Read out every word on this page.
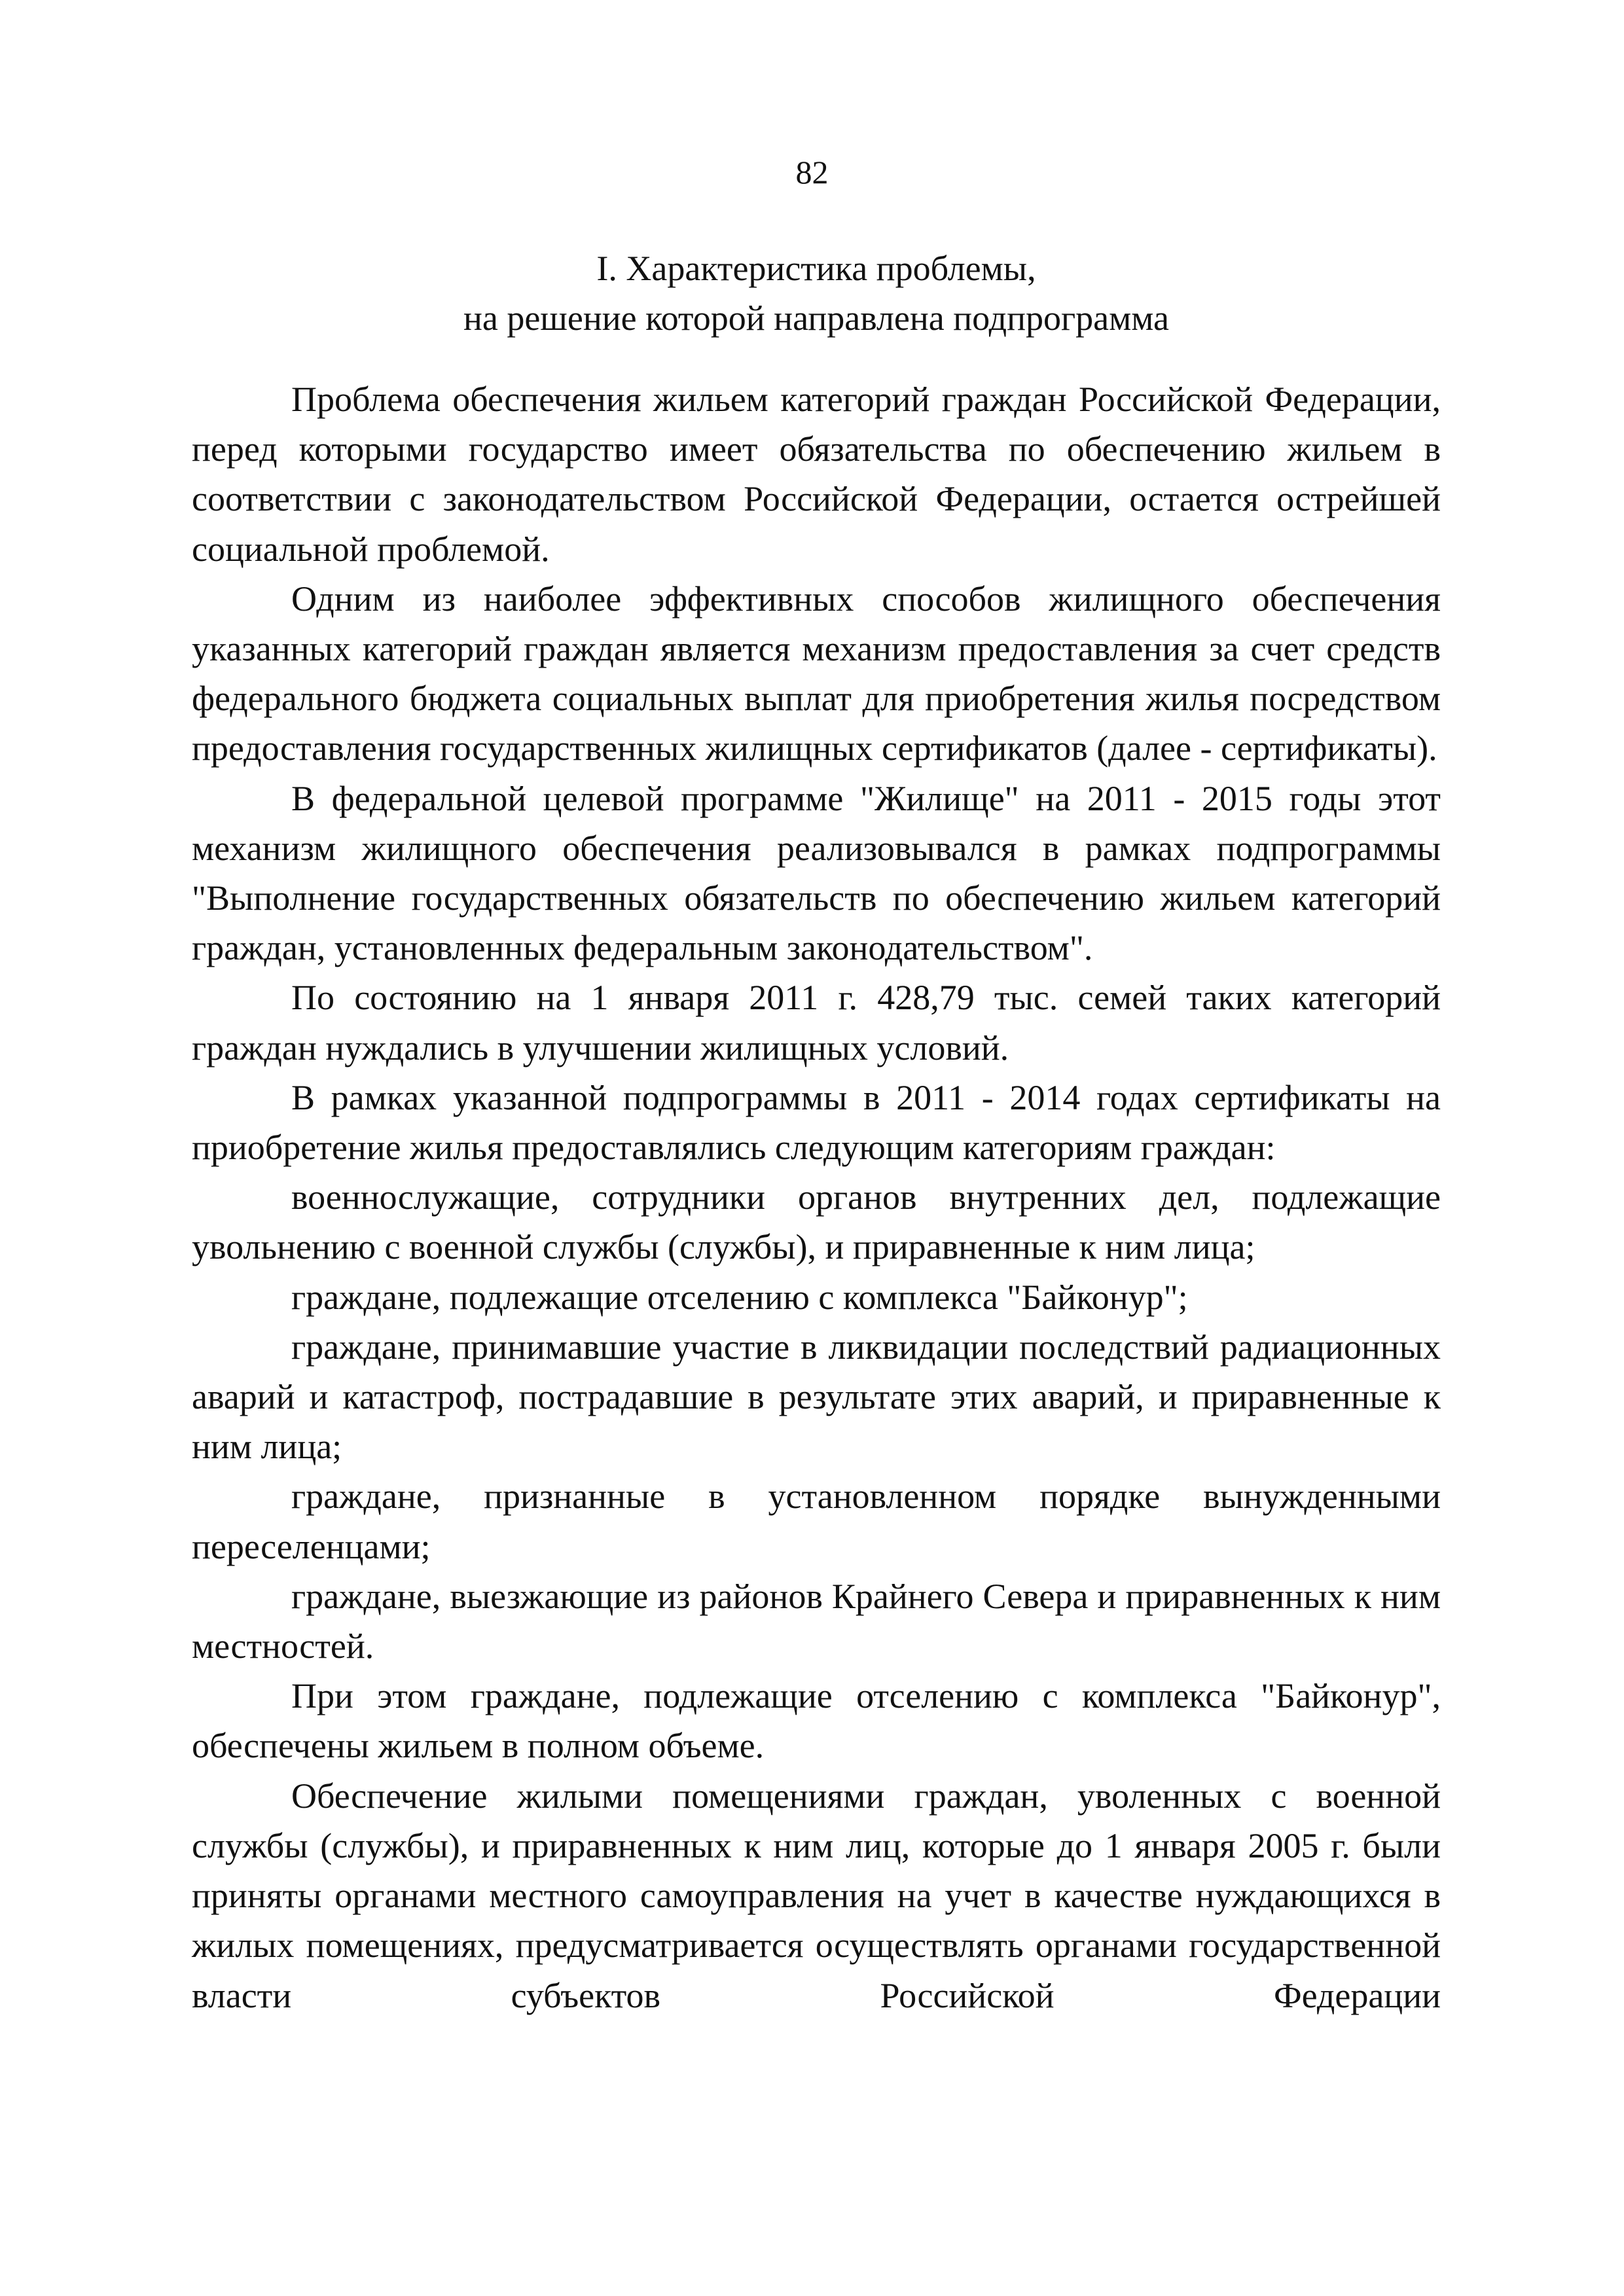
82
I. Характеристика проблемы,
на решение которой направлена подпрограмма

Проблема обеспечения жильем категорий граждан Российской Федерации, перед которыми государство имеет обязательства по обеспечению жильем в соответствии с законодательством Российской Федерации, остается острейшей социальной проблемой.

Одним из наиболее эффективных способов жилищного обеспечения указанных категорий граждан является механизм предоставления за счет средств федерального бюджета социальных выплат для приобретения жилья посредством предоставления государственных жилищных сертификатов (далее - сертификаты).

В федеральной целевой программе "Жилище" на 2011 - 2015 годы этот механизм жилищного обеспечения реализовывался в рамках подпрограммы "Выполнение государственных обязательств по обеспечению жильем категорий граждан, установленных федеральным законодательством".

По состоянию на 1 января 2011 г. 428,79 тыс. семей таких категорий граждан нуждались в улучшении жилищных условий.

В рамках указанной подпрограммы в 2011 - 2014 годах сертификаты на приобретение жилья предоставлялись следующим категориям граждан:

военнослужащие, сотрудники органов внутренних дел, подлежащие увольнению с военной службы (службы), и приравненные к ним лица;

граждане, подлежащие отселению с комплекса "Байконур";

граждане, принимавшие участие в ликвидации последствий радиационных аварий и катастроф, пострадавшие в результате этих аварий, и приравненные к ним лица;

граждане, признанные в установленном порядке вынужденными переселенцами;

граждане, выезжающие из районов Крайнего Севера и приравненных к ним местностей.

При этом граждане, подлежащие отселению с комплекса "Байконур", обеспечены жильем в полном объеме.

Обеспечение жилыми помещениями граждан, уволенных с военной службы (службы), и приравненных к ним лиц, которые до 1 января 2005 г. были приняты органами местного самоуправления на учет в качестве нуждающихся в жилых помещениях, предусматривается осуществлять органами государственной власти субъектов Российской Федерации
